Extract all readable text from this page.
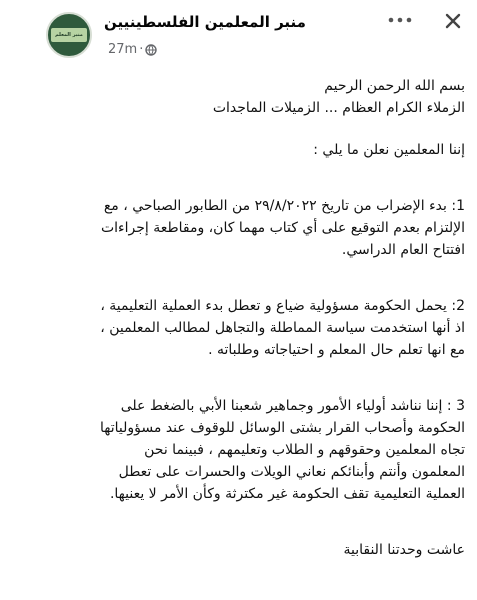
منبر المعلم
منبر المعلمين الفلسطينيين
27m ·

بسم الله الرحمن الرحيم

الزملاء الكرام العظام ... الزميلات الماجدات

إننا المعلمين نعلن ما يلي :

1: بدء الإضراب من تاريخ ٢٩/٨/٢٠٢٢ من الطابور الصباحي ، مع

الإلتزام بعدم التوقيع على أي كتاب مهما كان، ومقاطعة إجراءات

افتتاح العام الدراسي.

2: يحمل الحكومة مسؤولية ضياع و تعطل بدء العملية التعليمية ،

اذ أنها استخدمت سياسة المماطلة والتجاهل لمطالب المعلمين ،

مع انها تعلم حال المعلم و احتياجاته وطلباته .

3 : إننا نناشد أولياء الأمور وجماهير شعبنا الأبي بالضغط على

الحكومة وأصحاب القرار بشتى الوسائل للوقوف عند مسؤولياتها

تجاه المعلمين وحقوقهم و الطلاب وتعليمهم ، فبينما نحن

المعلمون وأنتم وأبنائكم نعاني الويلات والحسرات على تعطل

العملية التعليمية تقف الحكومة غير مكترثة وكأن الأمر لا يعنيها.

عاشت وحدتنا النقابية
